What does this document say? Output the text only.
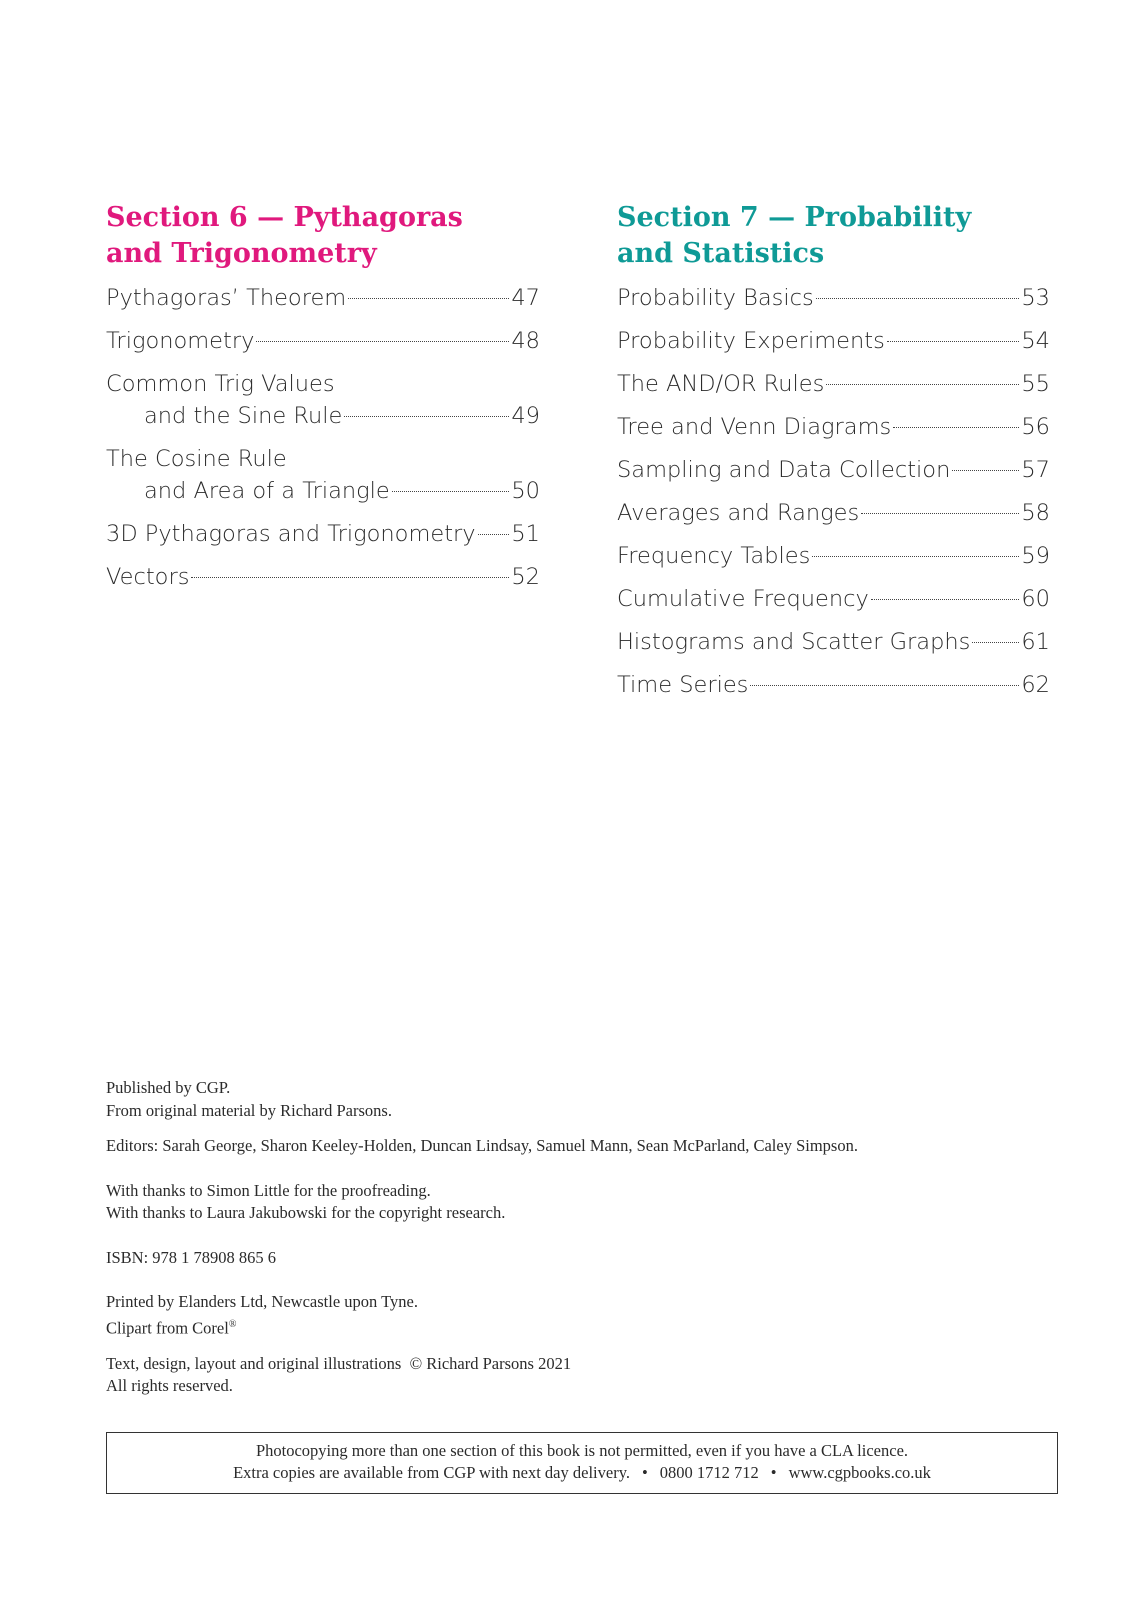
Section 6 — Pythagoras
and Trigonometry
Pythagoras’ Theorem	47
Trigonometry	48
Common Trig Values
and the Sine Rule	49
The Cosine Rule
and Area of a Triangle	50
3D Pythagoras and Trigonometry 51
Vectors	52
Section 7 — Probability
and Statistics
Probability Basics	53
Probability Experiments	54
The AND/OR Rules	55
Tree and Venn Diagrams	56
Sampling and Data Collection	57
Averages and Ranges	58
Frequency Tables	59
Cumulative Frequency	60
Histograms and Scatter Graphs 61
Time Series	62

Published by CGP.

From original material by Richard Parsons.

Editors: Sarah George, Sharon Keeley-Holden, Duncan Lindsay, Samuel Mann, Sean McParland, Caley Simpson.

With thanks to Simon Little for the proofreading.

With thanks to Laura Jakubowski for the copyright research.

ISBN: 978 1 78908 865 6

Printed by Elanders Ltd, Newcastle upon Tyne.

Clipart from Corel®

Text, design, layout and original illustrations  © Richard Parsons 2021

All rights reserved.

Photocopying more than one section of this book is not permitted, even if you have a CLA licence.

Extra copies are available from CGP with next day delivery. • 0800 1712 712 • www.cgpbooks.co.uk
